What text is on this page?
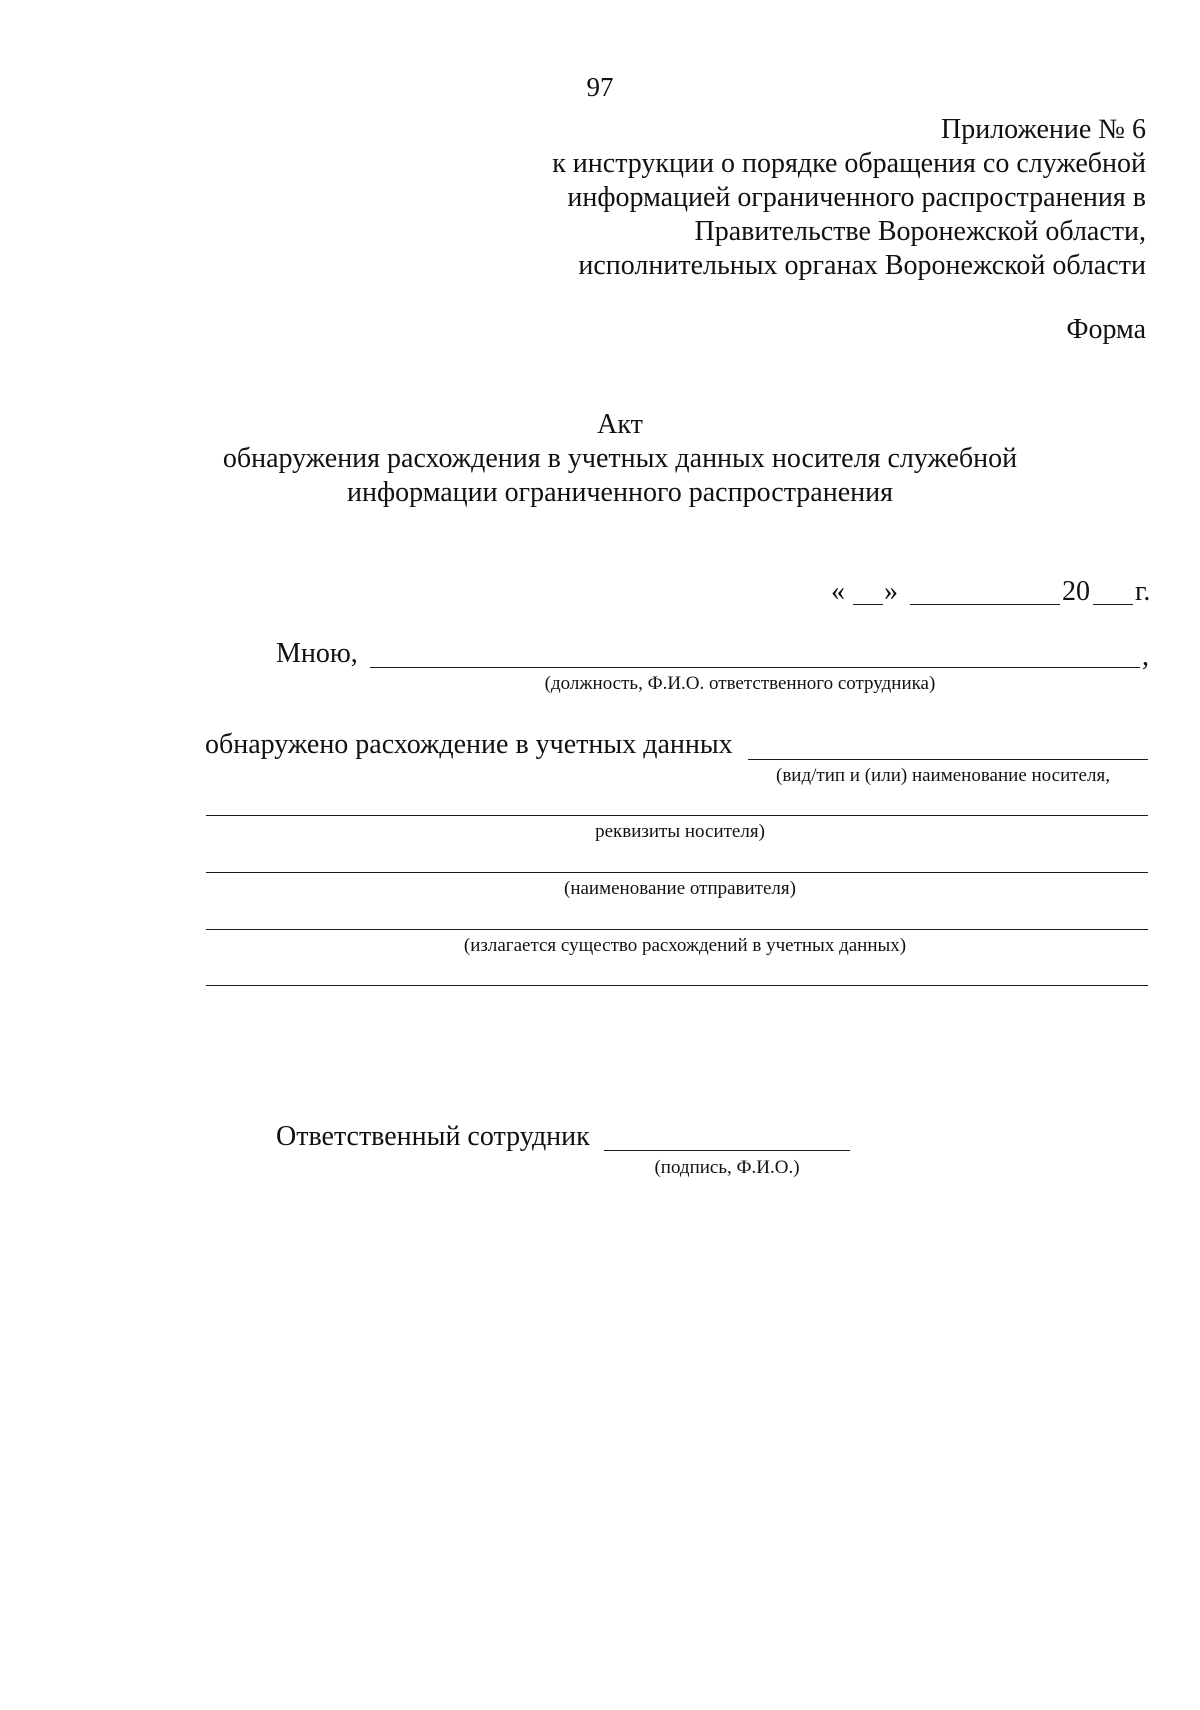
97
Приложение № 6
к инструкции о порядке обращения со служебной
информацией ограниченного распространения в
Правительстве Воронежской области,
исполнительных органах Воронежской области
Форма
Акт
обнаружения расхождения в учетных данных носителя служебной
информации ограниченного распространения
« »	20 г.
Мною,	,
(должность, Ф.И.О. ответственного сотрудника)
обнаружено расхождение в учетных данных
(вид/тип и (или) наименование носителя,
реквизиты носителя)
(наименование отправителя)
(излагается существо расхождений в учетных данных)
Ответственный сотрудник
(подпись, Ф.И.О.)
